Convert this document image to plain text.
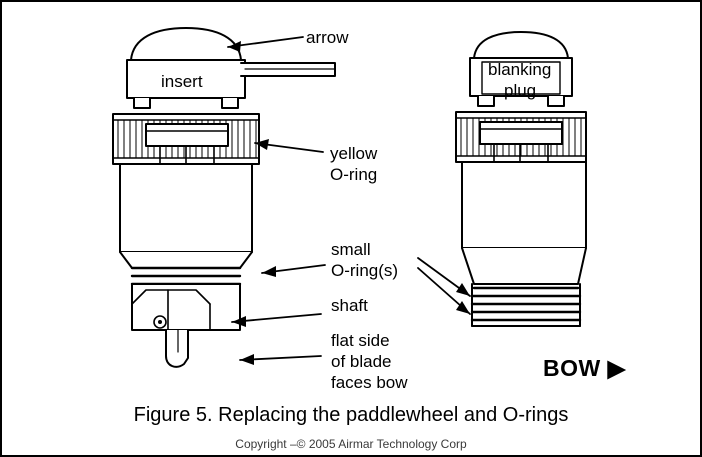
arrow
insert
yellow
O-ring
blanking
plug
small
O-ring(s)
shaft
flat side
of blade
faces bow
BOW ▶
Figure 5. Replacing the paddlewheel and O-rings
Copyright –© 2005 Airmar Technology Corp
